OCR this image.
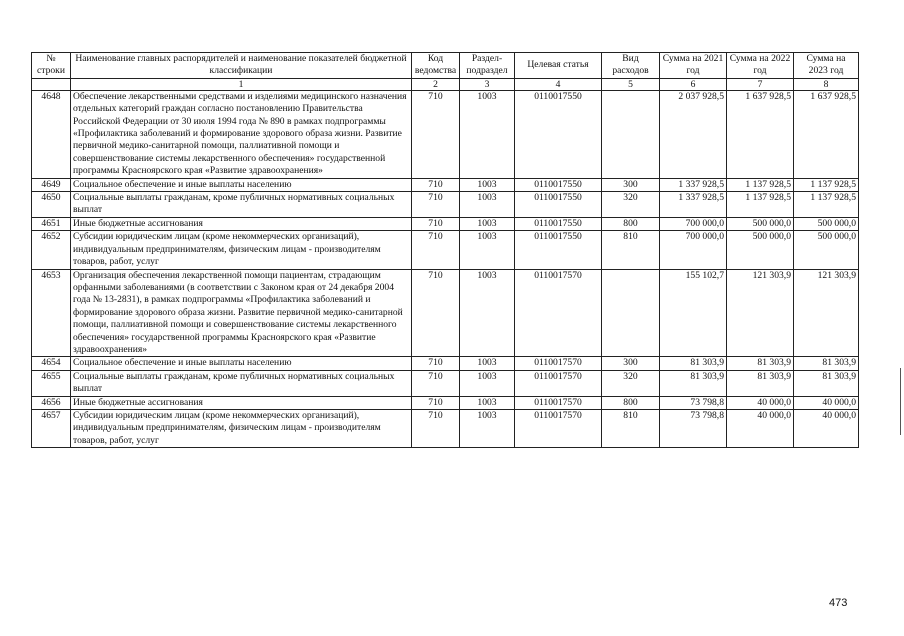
№ строки	Наименование главных распорядителей и наименование показателей бюджетной классификации	Код ведомства	Раздел-подраздел	Целевая статья	Вид расходов	Сумма на 2021 год	Сумма на 2022 год	Сумма на 2023 год
	1	2	3	4	5	6	7	8
4648	Обеспечение лекарственными средствами и изделиями медицинского назначения отдельных категорий граждан согласно постановлению Правительства Российской Федерации от 30 июля 1994 года № 890 в рамках подпрограммы «Профилактика заболеваний и формирование здорового образа жизни. Развитие первичной медико-санитарной помощи, паллиативной помощи и совершенствование системы лекарственного обеспечения» государственной программы Красноярского края «Развитие здравоохранения»	710	1003	0110017550		2 037 928,5	1 637 928,5	1 637 928,5
4649	Социальное обеспечение и иные выплаты населению	710	1003	0110017550	300	1 337 928,5	1 137 928,5	1 137 928,5
4650	Социальные выплаты гражданам, кроме публичных нормативных социальных выплат	710	1003	0110017550	320	1 337 928,5	1 137 928,5	1 137 928,5
4651	Иные бюджетные ассигнования	710	1003	0110017550	800	700 000,0	500 000,0	500 000,0
4652	Субсидии юридическим лицам (кроме некоммерческих организаций), индивидуальным предпринимателям, физическим лицам - производителям товаров, работ, услуг	710	1003	0110017550	810	700 000,0	500 000,0	500 000,0
4653	Организация обеспечения лекарственной помощи пациентам, страдающим орфанными заболеваниями (в соответствии с Законом края от 24 декабря 2004 года № 13-2831), в рамках подпрограммы «Профилактика заболеваний и формирование здорового образа жизни. Развитие первичной медико-санитарной помощи, паллиативной помощи и совершенствование системы лекарственного обеспечения» государственной программы Красноярского края «Развитие здравоохранения»	710	1003	0110017570		155 102,7	121 303,9	121 303,9
4654	Социальное обеспечение и иные выплаты населению	710	1003	0110017570	300	81 303,9	81 303,9	81 303,9
4655	Социальные выплаты гражданам, кроме публичных нормативных социальных выплат	710	1003	0110017570	320	81 303,9	81 303,9	81 303,9
4656	Иные бюджетные ассигнования	710	1003	0110017570	800	73 798,8	40 000,0	40 000,0
4657	Субсидии юридическим лицам (кроме некоммерческих организаций), индивидуальным предпринимателям, физическим лицам - производителям товаров, работ, услуг	710	1003	0110017570	810	73 798,8	40 000,0	40 000,0
473
